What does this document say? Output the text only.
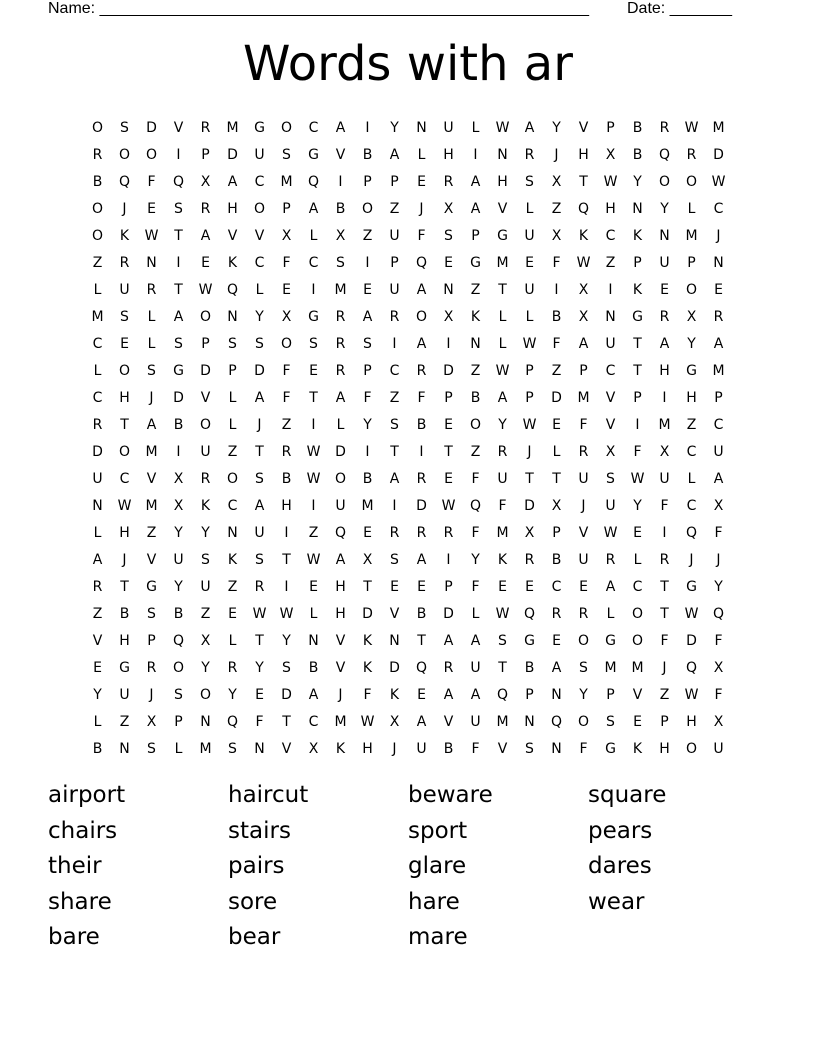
Name: _______________________________________________________ Date: _______
Words with ar
O	S	D	V	R	M	G	O	C	A	I	Y	N	U	L	W	A	Y	V	P	B	R	W	M
R	O	O	I	P	D	U	S	G	V	B	A	L	H	I	N	R	J	H	X	B	Q	R	D
B	Q	F	Q	X	A	C	M	Q	I	P	P	E	R	A	H	S	X	T	W	Y	O	O	W
O	J	E	S	R	H	O	P	A	B	O	Z	J	X	A	V	L	Z	Q	H	N	Y	L	C
O	K	W	T	A	V	V	X	L	X	Z	U	F	S	P	G	U	X	K	C	K	N	M	J
Z	R	N	I	E	K	C	F	C	S	I	P	Q	E	G	M	E	F	W	Z	P	U	P	N
L	U	R	T	W	Q	L	E	I	M	E	U	A	N	Z	T	U	I	X	I	K	E	O	E
M	S	L	A	O	N	Y	X	G	R	A	R	O	X	K	L	L	B	X	N	G	R	X	R
C	E	L	S	P	S	S	O	S	R	S	I	A	I	N	L	W	F	A	U	T	A	Y	A
L	O	S	G	D	P	D	F	E	R	P	C	R	D	Z	W	P	Z	P	C	T	H	G	M
C	H	J	D	V	L	A	F	T	A	F	Z	F	P	B	A	P	D	M	V	P	I	H	P
R	T	A	B	O	L	J	Z	I	L	Y	S	B	E	O	Y	W	E	F	V	I	M	Z	C
D	O	M	I	U	Z	T	R	W	D	I	T	I	T	Z	R	J	L	R	X	F	X	C	U
U	C	V	X	R	O	S	B	W	O	B	A	R	E	F	U	T	T	U	S	W	U	L	A
N	W	M	X	K	C	A	H	I	U	M	I	D	W	Q	F	D	X	J	U	Y	F	C	X
L	H	Z	Y	Y	N	U	I	Z	Q	E	R	R	R	F	M	X	P	V	W	E	I	Q	F
A	J	V	U	S	K	S	T	W	A	X	S	A	I	Y	K	R	B	U	R	L	R	J	J
R	T	G	Y	U	Z	R	I	E	H	T	E	E	P	F	E	E	C	E	A	C	T	G	Y
Z	B	S	B	Z	E	W W	L	H	D	V	B	D	L	W	Q	R	R	L	O	T	W	Q
V	H	P	Q	X	L	T	Y	N	V	K	N	T	A	A	S	G	E	O	G	O	F	D	F
E	G	R	O	Y	R	Y	S	B	V	K	D	Q	R	U	T	B	A	S	M	M	J	Q	X
Y	U	J	S	O	Y	E	D	A	J	F	K	E	A	A	Q	P	N	Y	P	V	Z	W	F
L	Z	X	P	N	Q	F	T	C	M	W	X	A	V	U	M	N	Q	O	S	E	P	H	X
B	N	S	L	M	S	N	V	X	K	H	J	U	B	F	V	S	N	F	G	K	H	O	U
airport	haircut	beware	square
chairs	stairs	sport	pears
their	pairs	glare	dares
share	sore	hare	wear
bare	bear	mare
